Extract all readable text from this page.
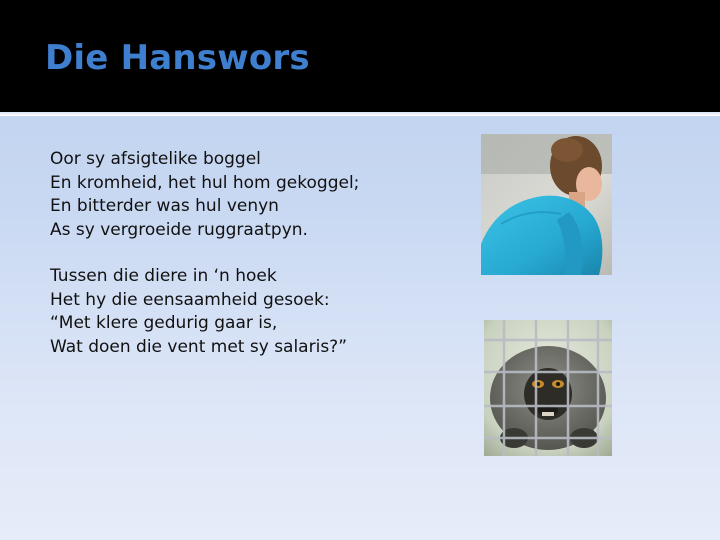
Die Hanswors

Oor sy afsigtelike boggel
En kromheid, het hul hom gekoggel;
En bitterder was hul venyn
As sy vergroeide ruggraatpyn.

Tussen die diere in ‘n hoek
Het hy die eensaamheid gesoek:
“Met klere gedurig gaar is,
Wat doen die vent met sy salaris?”
